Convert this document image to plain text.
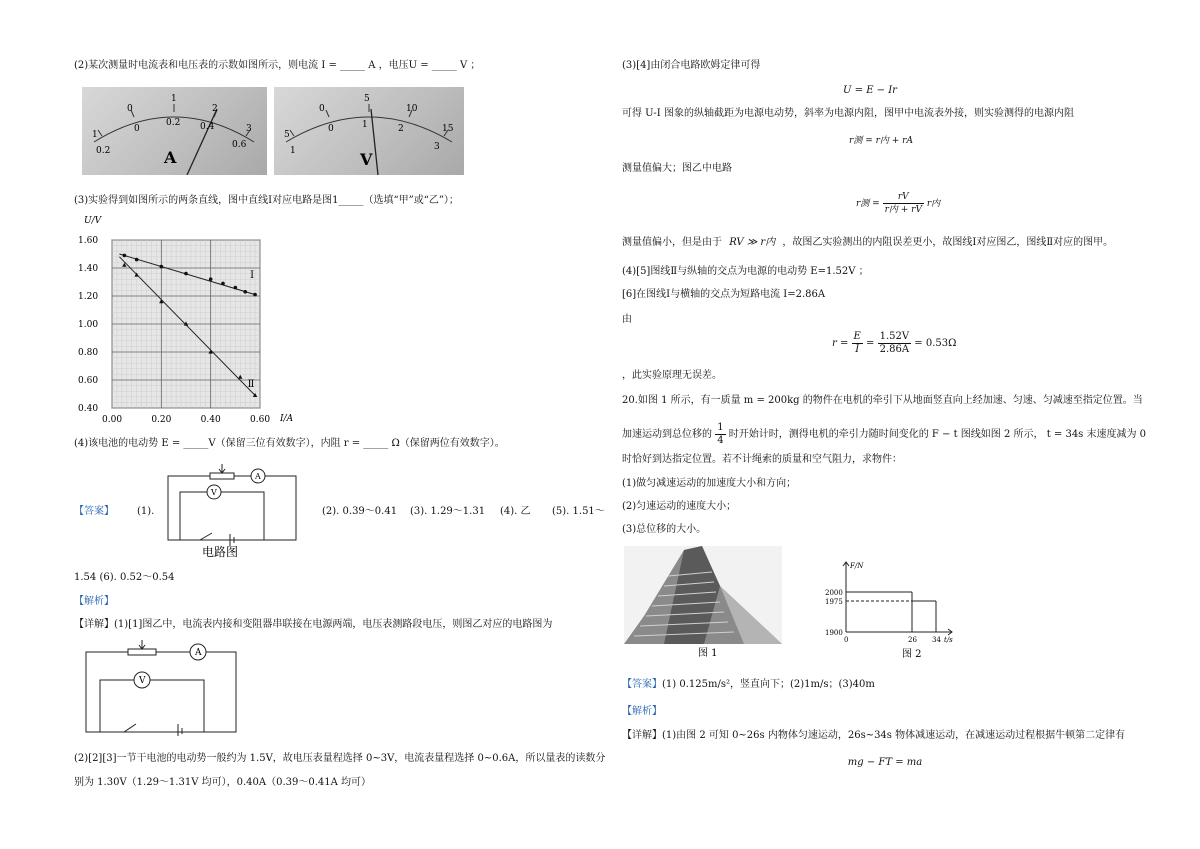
(2)某次测量时电流表和电压表的示数如图所示，则电流 I = _____ A ，电压U = _____ V ；
1
0.2
0
1
2
3
0
0.2 0.4
0.6
A
5
1
0
5
10
15
0	1	2
3
V
(3)实验得到如图所示的两条直线，图中直线Ⅰ对应电路是图1_____（选填“甲”或“乙”）；
0.00	0.20	0.40	0.60
0.40
0.60
0.80
1.00
1.20
1.40
1.60
Ⅰ
Ⅱ
U/V
I/A
(4)该电池的电动势 E = _____V（保留三位有效数字），内阻 r = _____ Ω（保留两位有效数字）。
【答案】 (1).
A
V
电路图
(2). 0.39～0.41 (3). 1.29～1.31 (4). 乙 (5). 1.51～
1.54 (6). 0.52～0.54
【解析】
【详解】(1)[1]图乙中，电流表内接和变阻器串联接在电源两端，电压表测路段电压，则图乙对应的电路图为
A
V
(2)[2][3]一节干电池的电动势一般约为 1.5V，故电压表量程选择 0~3V，电流表量程选择 0~0.6A，所以量表的读数分
别为 1.30V（1.29～1.31V 均可），0.40A（0.39～0.41A 均可）
(3)[4]由闭合电路欧姆定律可得
U = E − Ir
可得 U-I 图象的纵轴截距为电源电动势，斜率为电源内阻，图甲中电流表外接，则实验测得的电源内阻
r测 = r内 + rA
测量值偏大；图乙中电路
r测 = $\frac{rV}{\text{r内 + rV}}$ r内
测量值偏小，但是由于 RV ≫ r内 ，故图乙实验测出的内阻误差更小，故图线Ⅰ对应图乙，图线Ⅱ对应的图甲。
(4)[5]图线Ⅱ与纵轴的交点为电源的电动势 E=1.52V ；
[6]在图线Ⅰ与横轴的交点为短路电流 I=2.86A
由
$r = \frac{E}{I} = \frac{1.52V}{2.86A} = 0.53\Omega$
，此实验原理无误差。
20.如图 1 所示，有一质量 m = 200kg 的物件在电机的牵引下从地面竖直向上经加速、匀速、匀减速至指定位置。当
加速运动到总位移的 $\frac{1}{4}$ 时开始计时，测得电机的牵引力随时间变化的 F − t 图线如图 2 所示， t = 34s 末速度减为 0
时恰好到达指定位置。若不计绳索的质量和空气阻力，求物件：
(1)做匀减速运动的加速度大小和方向；
(2)匀速运动的速度大小；
(3)总位移的大小。
图 1
F/N
t/s
2000
1975
1900
0	26 34
图 2
【答案】(1) 0.125m/s²，竖直向下；(2)1m/s；(3)40m
【解析】
【详解】(1)由图 2 可知 0~26s 内物体匀速运动，26s~34s 物体减速运动，在减速运动过程根据牛顿第二定律有
mg − FT = ma
